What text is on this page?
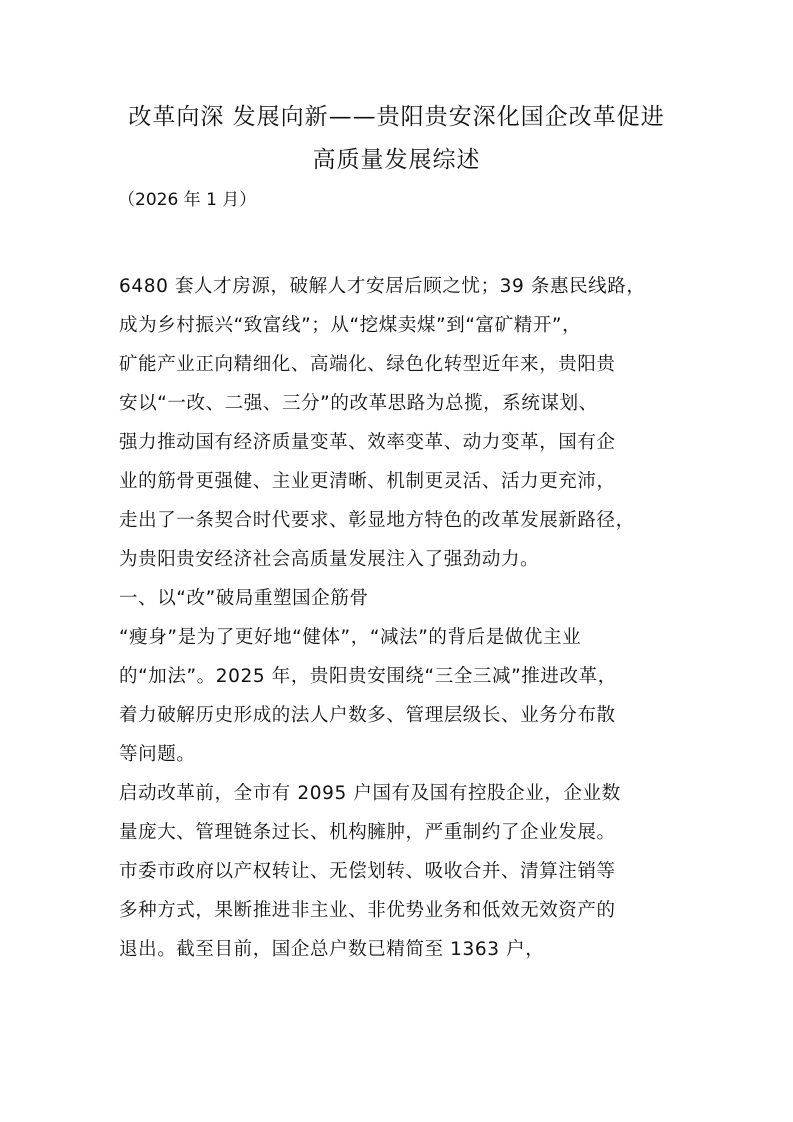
改革向深 发展向新——贵阳贵安深化国企改革促进
高质量发展综述
（2026 年 1 月）
6480 套人才房源，破解人才安居后顾之忧；39 条惠民线路，
成为乡村振兴“致富线”；从“挖煤卖煤”到“富矿精开”，
矿能产业正向精细化、高端化、绿色化转型近年来，贵阳贵
安以“一改、二强、三分”的改革思路为总揽，系统谋划、
强力推动国有经济质量变革、效率变革、动力变革，国有企
业的筋骨更强健、主业更清晰、机制更灵活、活力更充沛，
走出了一条契合时代要求、彰显地方特色的改革发展新路径，
为贵阳贵安经济社会高质量发展注入了强劲动力。
一、以“改”破局重塑国企筋骨
“瘦身”是为了更好地“健体”，“减法”的背后是做优主业
的“加法”。2025 年，贵阳贵安围绕“三全三减”推进改革，
着力破解历史形成的法人户数多、管理层级长、业务分布散
等问题。
启动改革前，全市有 2095 户国有及国有控股企业，企业数
量庞大、管理链条过长、机构臃肿，严重制约了企业发展。
市委市政府以产权转让、无偿划转、吸收合并、清算注销等
多种方式，果断推进非主业、非优势业务和低效无效资产的
退出。截至目前，国企总户数已精简至 1363 户，
